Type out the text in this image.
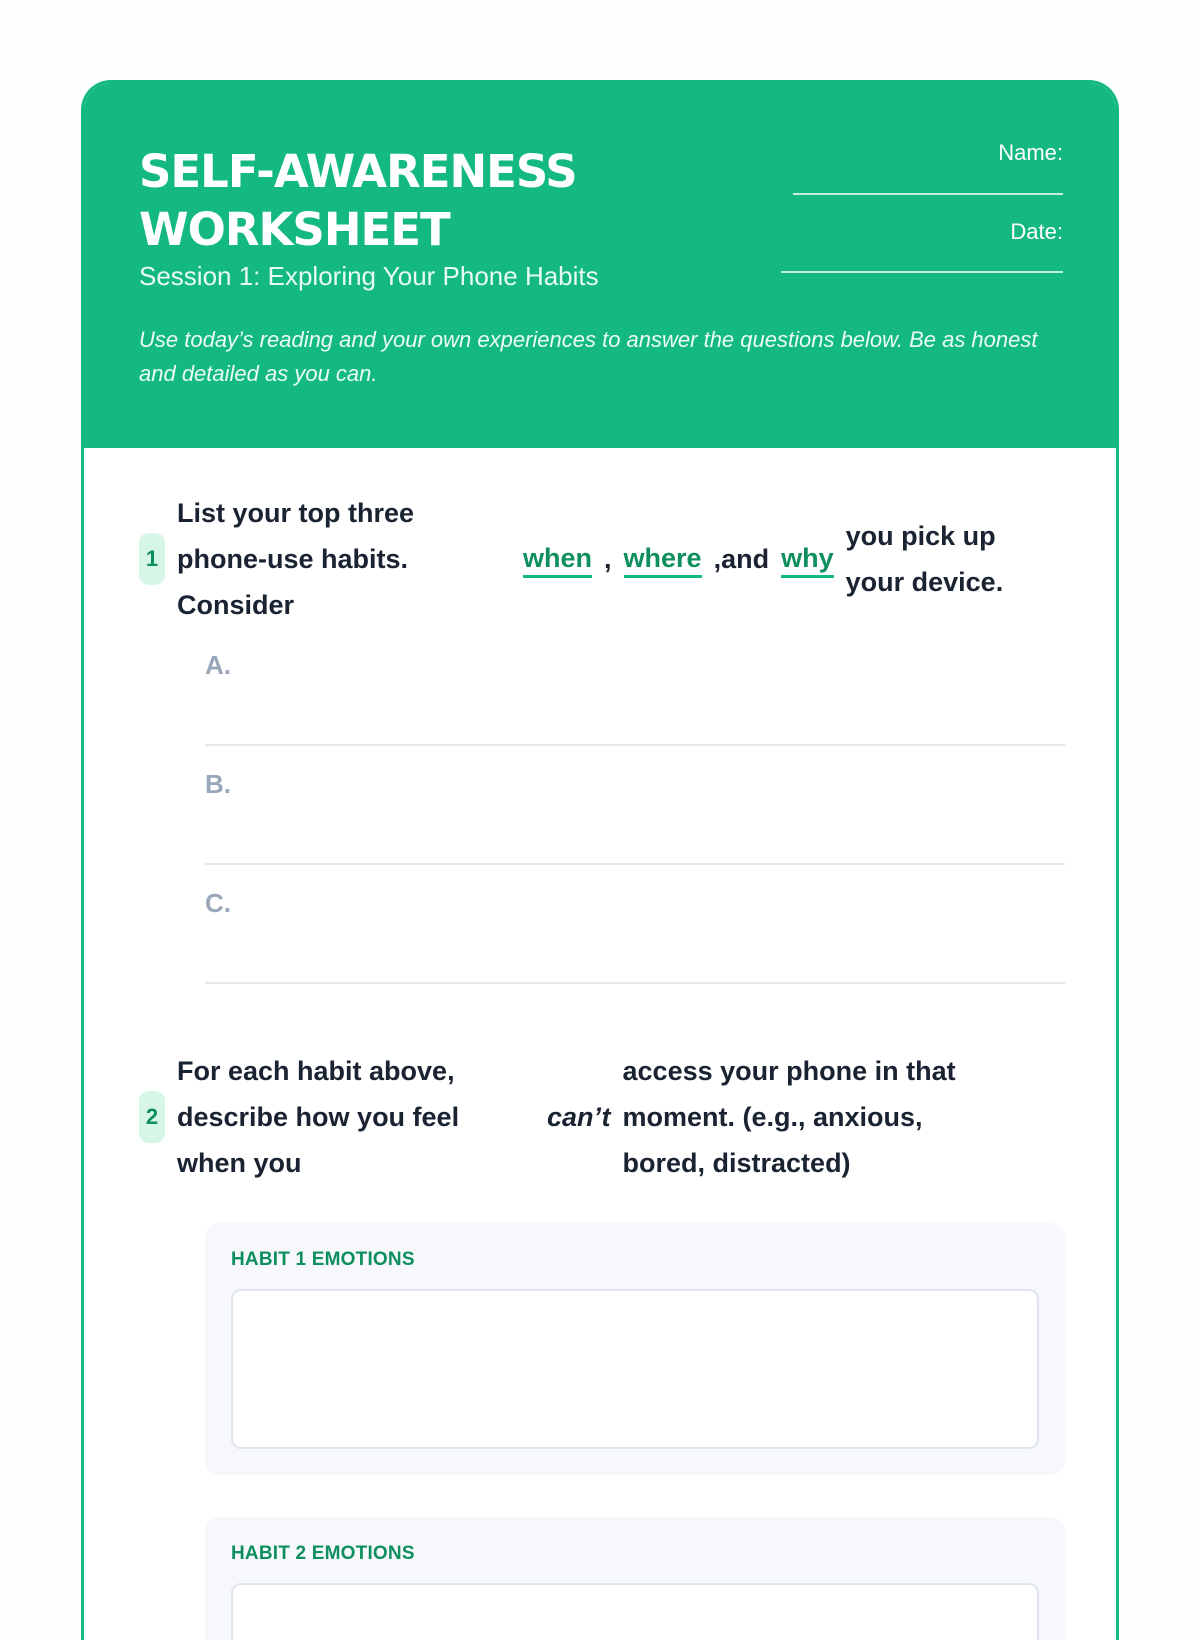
SELF-AWARENESS WORKSHEET
Session 1: Exploring Your Phone Habits
Use today’s reading and your own experiences to answer the questions below. Be as honest and detailed as you can.
Name:
Date:
1
List your top three phone-use habits. Consider
when , where , and why
you pick up your device.
A.
B.
C.
2
For each habit above, describe how you feel when you
can’t
access your phone in that moment. (e.g., anxious, bored, distracted)
HABIT 1 EMOTIONS
HABIT 2 EMOTIONS
